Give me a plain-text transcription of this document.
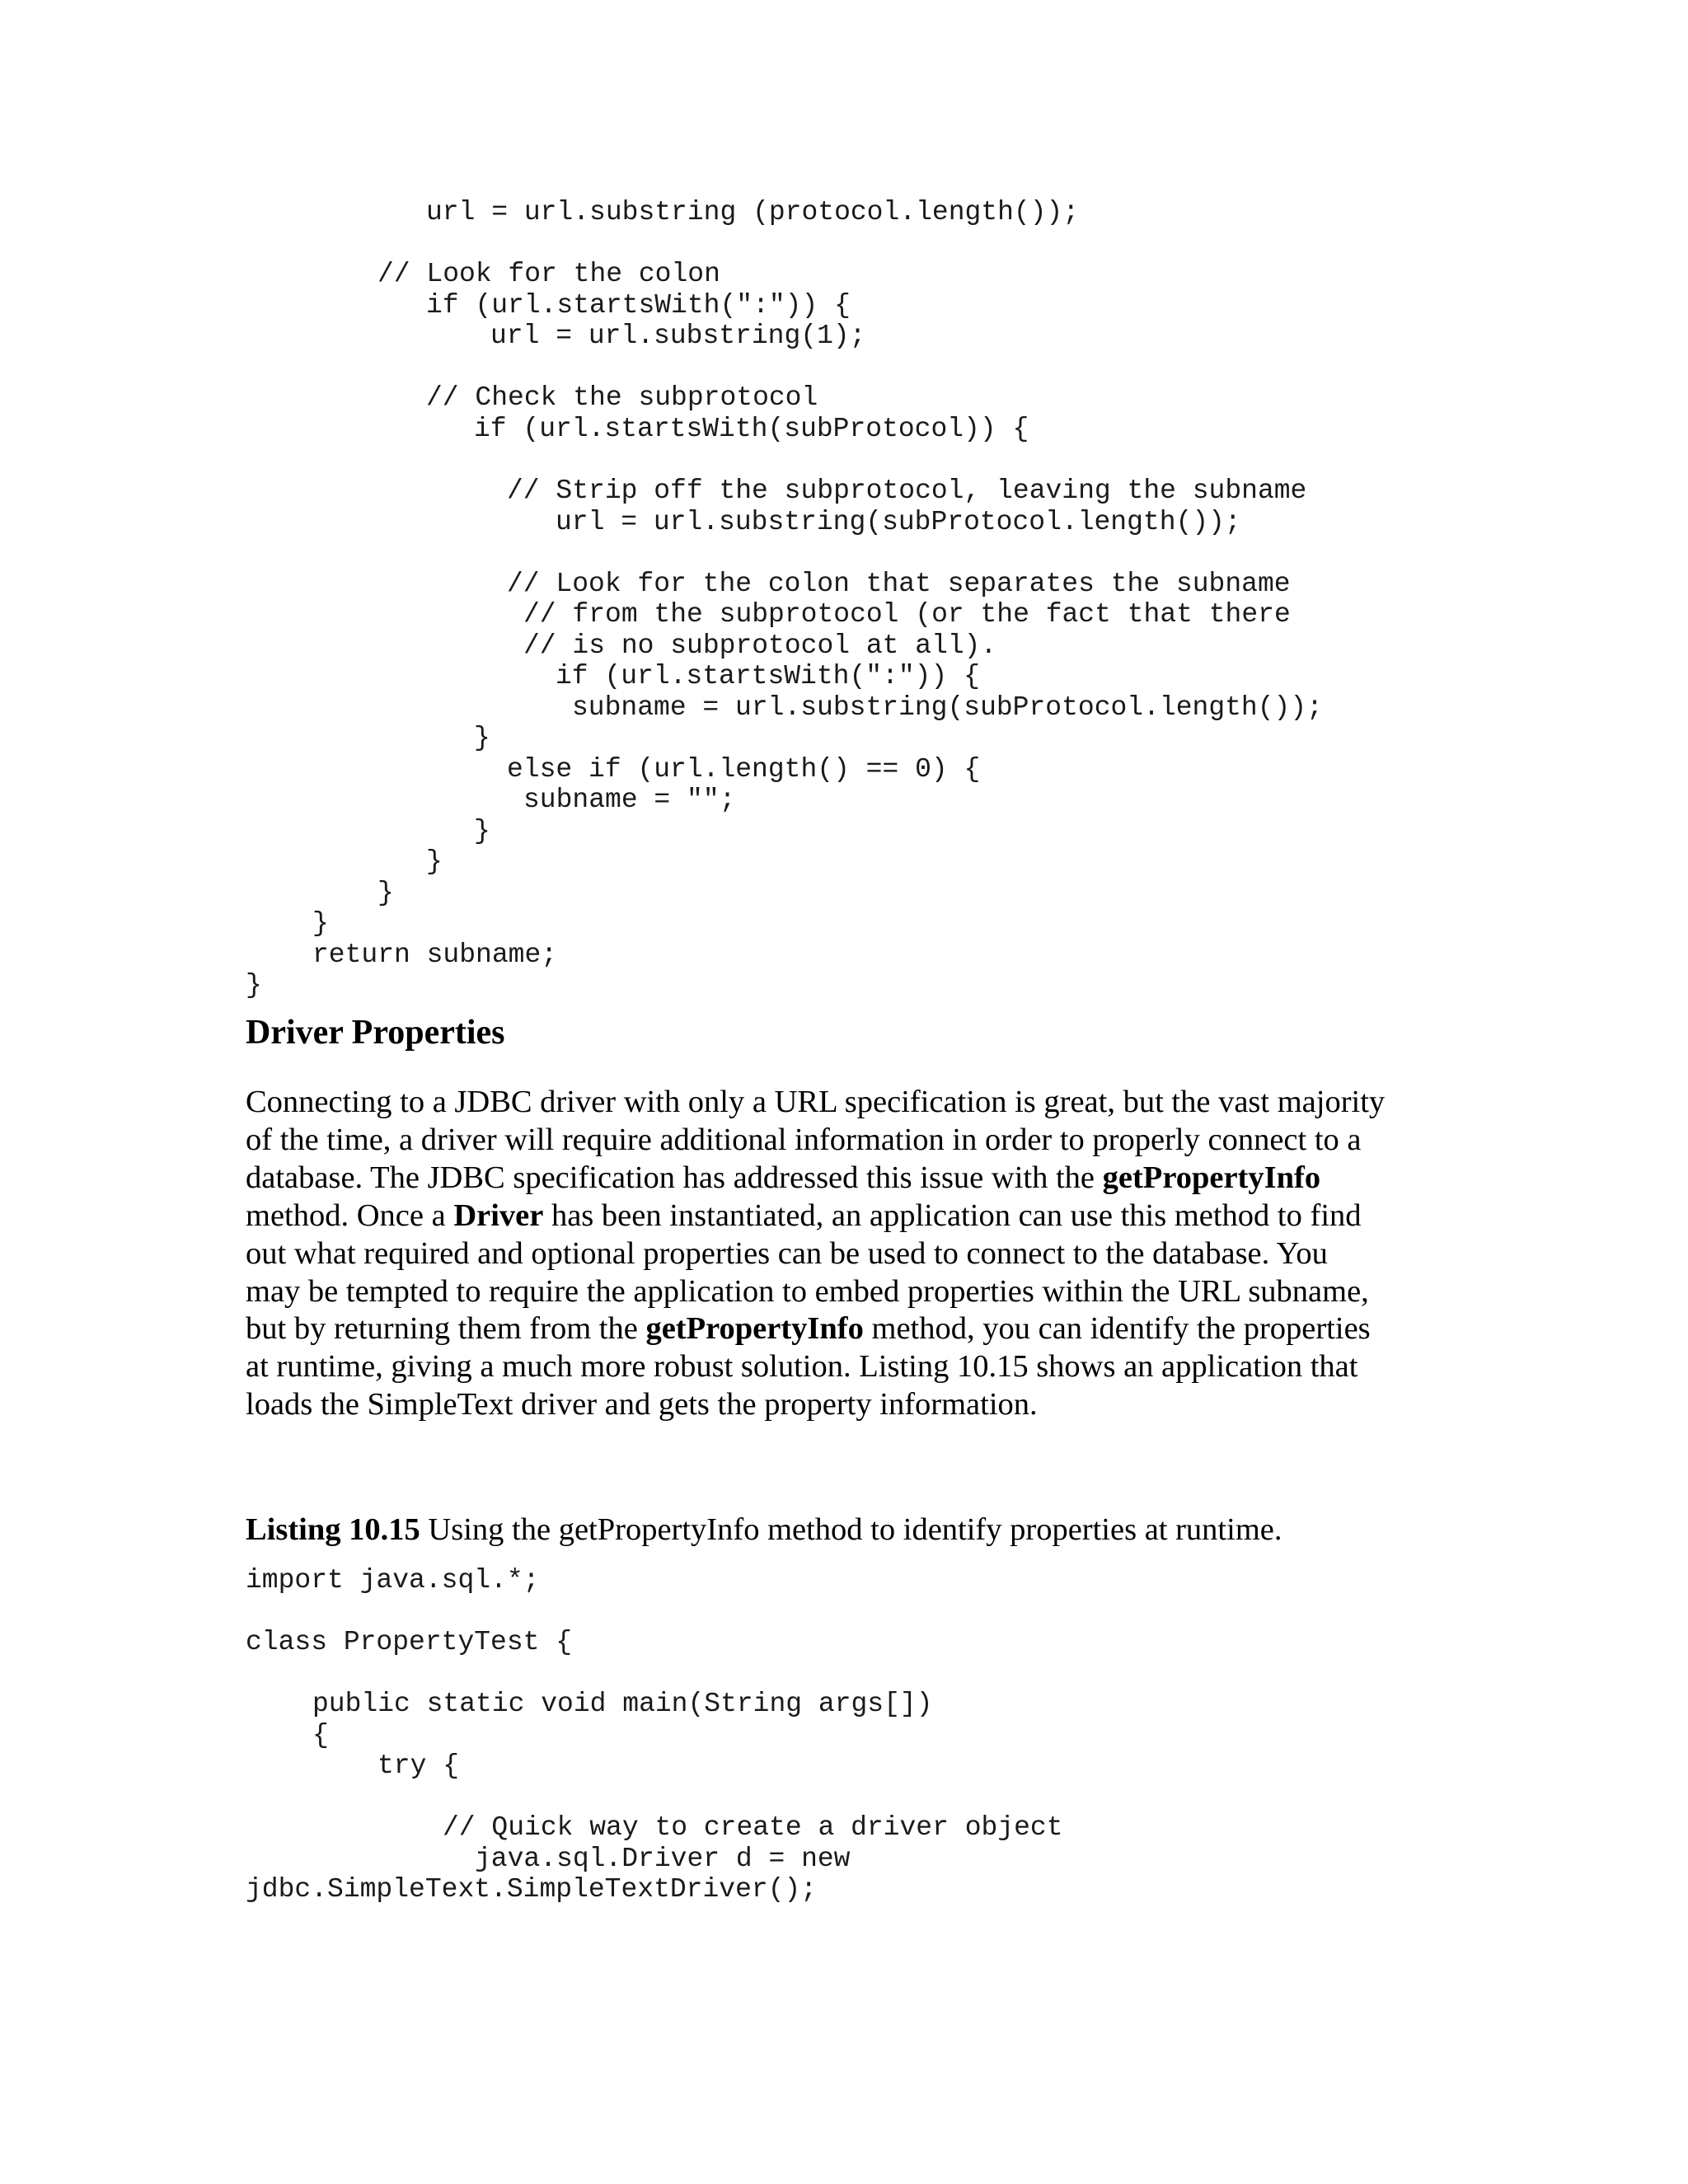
url = url.substring (protocol.length());
// Look for the colon
if (url.startsWith(":")) {
url = url.substring(1);
// Check the subprotocol
if (url.startsWith(subProtocol)) {
// Strip off the subprotocol, leaving the subname
url = url.substring(subProtocol.length());
// Look for the colon that separates the subname
// from the subprotocol (or the fact that there
// is no subprotocol at all).
if (url.startsWith(":")) {
subname = url.substring(subProtocol.length());
}
else if (url.length() == 0) {
subname = "";
}
}
}
}
return subname;
}
Driver Properties

Connecting to a JDBC driver with only a URL specification is great, but the vast majority
of the time, a driver will require additional information in order to properly connect to a
database. The JDBC specification has addressed this issue with the getPropertyInfo
method. Once a Driver has been instantiated, an application can use this method to find
out what required and optional properties can be used to connect to the database. You
may be tempted to require the application to embed properties within the URL subname,
but by returning them from the getPropertyInfo method, you can identify the properties
at runtime, giving a much more robust solution. Listing 10.15 shows an application that
loads the SimpleText driver and gets the property information.

Listing 10.15 Using the getPropertyInfo method to identify properties at runtime.

import java.sql.*;
class PropertyTest {
public static void main(String args[])
{
try {
// Quick way to create a driver object
java.sql.Driver d = new
jdbc.SimpleText.SimpleTextDriver();
